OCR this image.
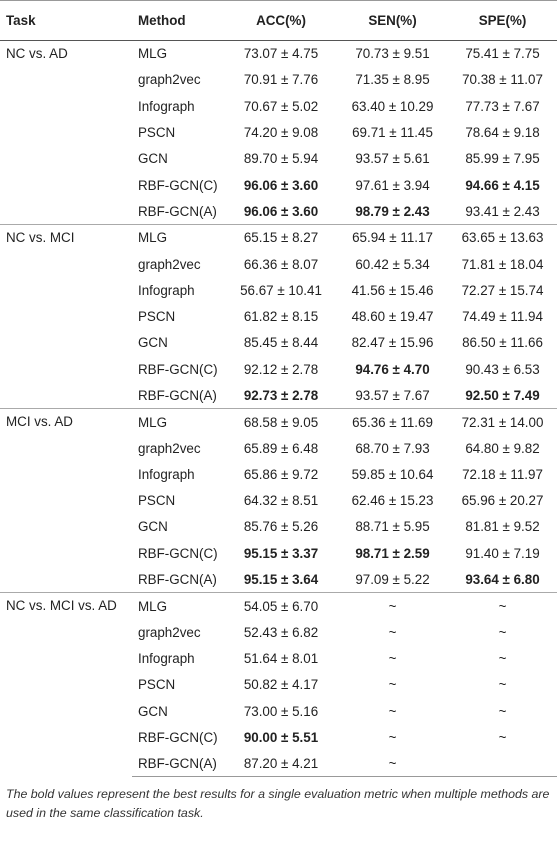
Task	Method	ACC(%)	SEN(%)	SPE(%)
NC vs. AD	MLG	73.07 ± 4.75	70.73 ± 9.51	75.41 ± 7.75
	graph2vec	70.91 ± 7.76	71.35 ± 8.95	70.38 ± 11.07
	Infograph	70.67 ± 5.02	63.40 ± 10.29	77.73 ± 7.67
	PSCN	74.20 ± 9.08	69.71 ± 11.45	78.64 ± 9.18
	GCN	89.70 ± 5.94	93.57 ± 5.61	85.99 ± 7.95
	RBF-GCN(C)	96.06 ± 3.60	97.61 ± 3.94	94.66 ± 4.15
	RBF-GCN(A)	96.06 ± 3.60	98.79 ± 2.43	93.41 ± 2.43
NC vs. MCI	MLG	65.15 ± 8.27	65.94 ± 11.17	63.65 ± 13.63
	graph2vec	66.36 ± 8.07	60.42 ± 5.34	71.81 ± 18.04
	Infograph	56.67 ± 10.41	41.56 ± 15.46	72.27 ± 15.74
	PSCN	61.82 ± 8.15	48.60 ± 19.47	74.49 ± 11.94
	GCN	85.45 ± 8.44	82.47 ± 15.96	86.50 ± 11.66
	RBF-GCN(C)	92.12 ± 2.78	94.76 ± 4.70	90.43 ± 6.53
	RBF-GCN(A)	92.73 ± 2.78	93.57 ± 7.67	92.50 ± 7.49
MCI vs. AD	MLG	68.58 ± 9.05	65.36 ± 11.69	72.31 ± 14.00
	graph2vec	65.89 ± 6.48	68.70 ± 7.93	64.80 ± 9.82
	Infograph	65.86 ± 9.72	59.85 ± 10.64	72.18 ± 11.97
	PSCN	64.32 ± 8.51	62.46 ± 15.23	65.96 ± 20.27
	GCN	85.76 ± 5.26	88.71 ± 5.95	81.81 ± 9.52
	RBF-GCN(C)	95.15 ± 3.37	98.71 ± 2.59	91.40 ± 7.19
	RBF-GCN(A)	95.15 ± 3.64	97.09 ± 5.22	93.64 ± 6.80
NC vs. MCI vs. AD	MLG	54.05 ± 6.70	~	~
	graph2vec	52.43 ± 6.82	~	~
	Infograph	51.64 ± 8.01	~	~
	PSCN	50.82 ± 4.17	~	~
	GCN	73.00 ± 5.16	~	~
	RBF-GCN(C)	90.00 ± 5.51	~	~
	RBF-GCN(A)	87.20 ± 4.21	~	
The bold values represent the best results for a single evaluation metric when multiple methods are used in the same classification task.
